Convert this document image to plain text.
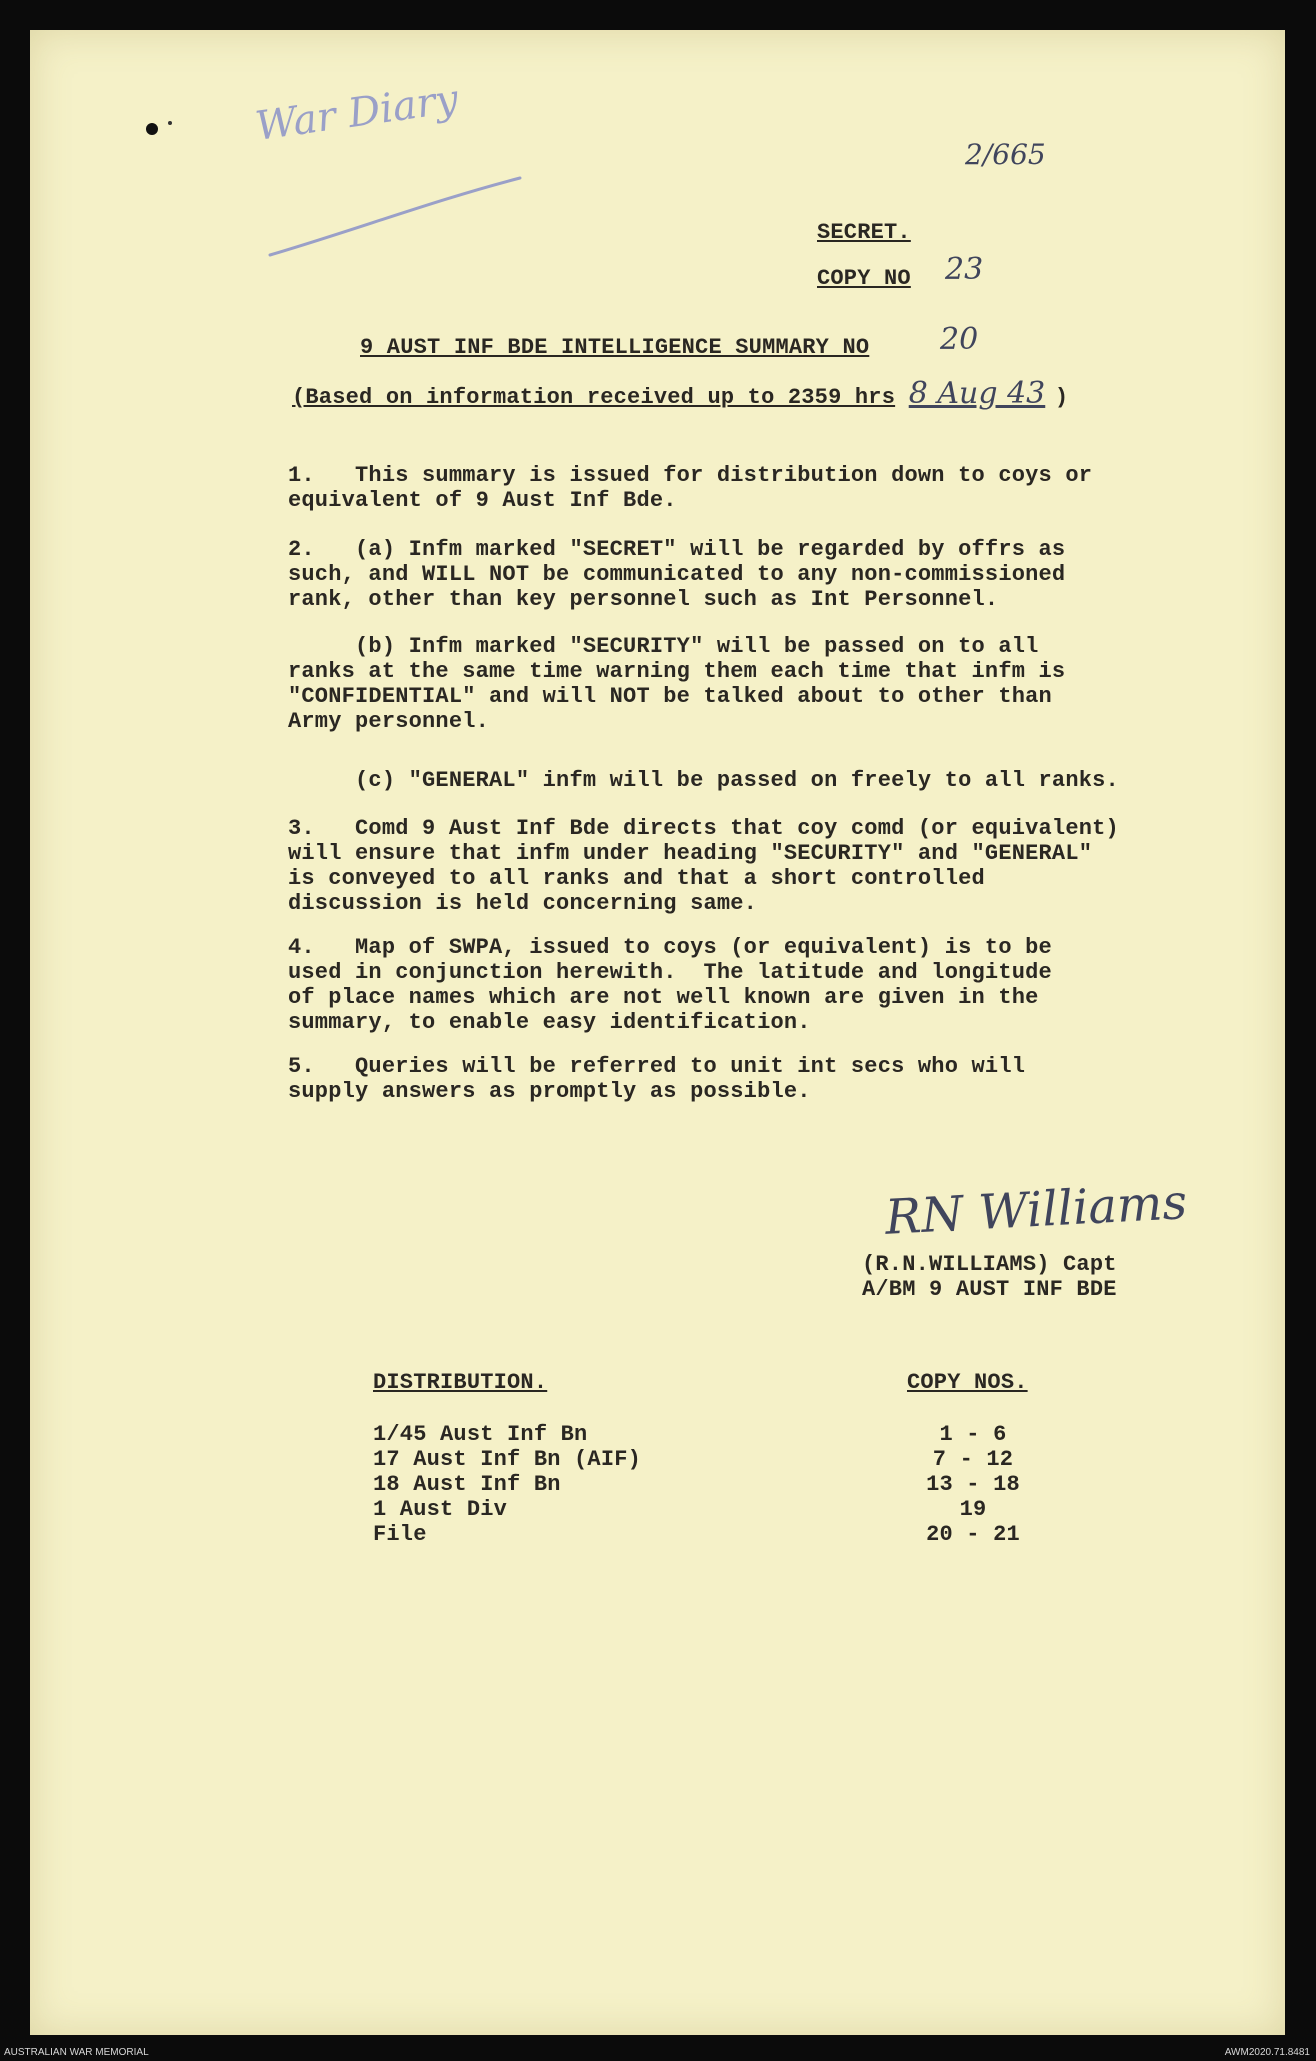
War Diary
2/665
SECRET.
COPY NO 23
9 AUST INF BDE INTELLIGENCE SUMMARY NO 20
(Based on information received up to 2359 hrs 8 Aug 43 )
1.   This summary is issued for distribution down to coys or
equivalent of 9 Aust Inf Bde.
2.   (a) Infm marked "SECRET" will be regarded by offrs as
such, and WILL NOT be communicated to any non-commissioned
rank, other than key personnel such as Int Personnel.
(b) Infm marked "SECURITY" will be passed on to all
ranks at the same time warning them each time that infm is
"CONFIDENTIAL" and will NOT be talked about to other than
Army personnel.
(c) "GENERAL" infm will be passed on freely to all ranks.
3.   Comd 9 Aust Inf Bde directs that coy comd (or equivalent)
will ensure that infm under heading "SECURITY" and "GENERAL"
is conveyed to all ranks and that a short controlled
discussion is held concerning same.
4.   Map of SWPA, issued to coys (or equivalent) is to be
used in conjunction herewith.  The latitude and longitude
of place names which are not well known are given in the
summary, to enable easy identification.
5.   Queries will be referred to unit int secs who will
supply answers as promptly as possible.
RN Williams
(R.N.WILLIAMS) Capt
A/BM 9 AUST INF BDE
DISTRIBUTION.	COPY NOS.
1/45 Aust Inf Bn	1 - 6
17 Aust Inf Bn (AIF)	7 - 12
18 Aust Inf Bn	13 - 18
1 Aust Div	19
File	20 - 21
AUSTRALIAN WAR MEMORIAL	AWM2020.71.8481
